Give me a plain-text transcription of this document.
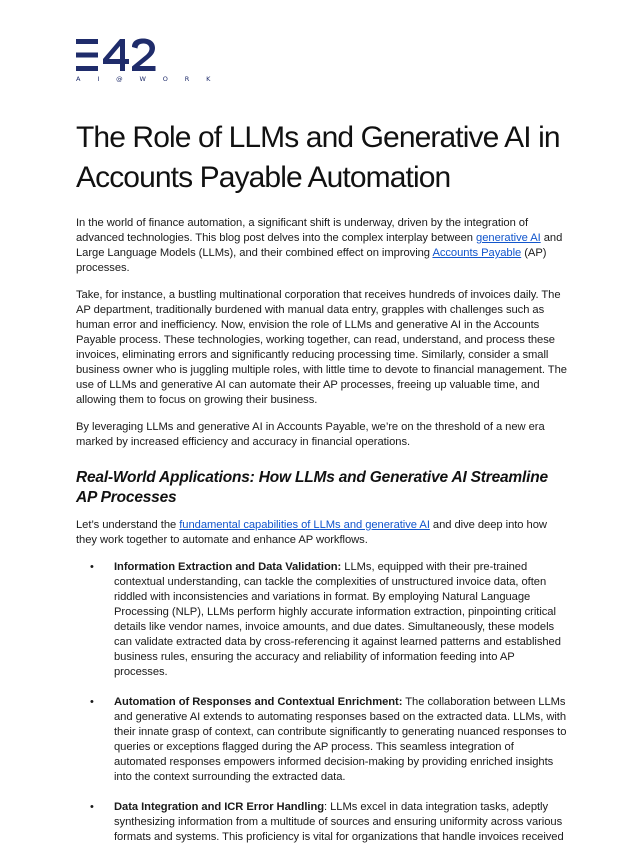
A I @ W O R K
The Role of LLMs and Generative AI in Accounts Payable Automation

In the world of finance automation, a significant shift is underway, driven by the integration of advanced technologies. This blog post delves into the complex interplay between generative AI and Large Language Models (LLMs), and their combined effect on improving Accounts Payable (AP) processes.

Take, for instance, a bustling multinational corporation that receives hundreds of invoices daily. The AP department, traditionally burdened with manual data entry, grapples with challenges such as human error and inefficiency. Now, envision the role of LLMs and generative AI in the Accounts Payable process. These technologies, working together, can read, understand, and process these invoices, eliminating errors and significantly reducing processing time. Similarly, consider a small business owner who is juggling multiple roles, with little time to devote to financial management. The use of LLMs and generative AI can automate their AP processes, freeing up valuable time, and allowing them to focus on growing their business.

By leveraging LLMs and generative AI in Accounts Payable, we’re on the threshold of a new era marked by increased efficiency and accuracy in financial operations.

Real-World Applications: How LLMs and Generative AI Streamline AP Processes

Let’s understand the fundamental capabilities of LLMs and generative AI and dive deep into how they work together to automate and enhance AP workflows.

• Information Extraction and Data Validation: LLMs, equipped with their pre-trained contextual understanding, can tackle the complexities of unstructured invoice data, often riddled with inconsistencies and variations in format. By employing Natural Language Processing (NLP), LLMs perform highly accurate information extraction, pinpointing critical details like vendor names, invoice amounts, and due dates. Simultaneously, these models can validate extracted data by cross-referencing it against learned patterns and established business rules, ensuring the accuracy and reliability of information feeding into AP processes.
• Automation of Responses and Contextual Enrichment: The collaboration between LLMs and generative AI extends to automating responses based on the extracted data. LLMs, with their innate grasp of context, can contribute significantly to generating nuanced responses to queries or exceptions flagged during the AP process. This seamless integration of automated responses empowers informed decision-making by providing enriched insights into the context surrounding the extracted data.
• Data Integration and ICR Error Handling: LLMs excel in data integration tasks, adeptly synthesizing information from a multitude of sources and ensuring uniformity across various formats and systems. This proficiency is vital for organizations that handle invoices received
